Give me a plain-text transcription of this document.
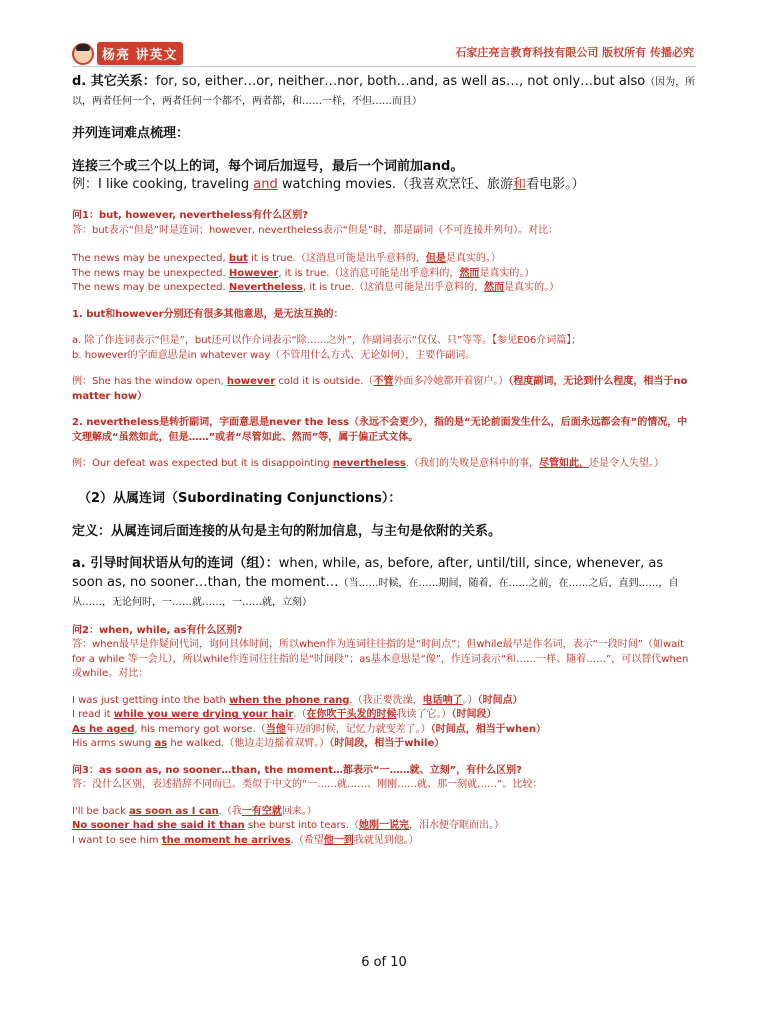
杨亮 讲英文	石家庄亮言教育科技有限公司 版权所有 传播必究

d. 其它关系：for, so, either…or, neither…nor, both…and, as well as…, not only…but also（因为，所以，两者任何一个，两者任何一个都不，两者都，和……一样，不但……而且）

并列连词难点梳理：

连接三个或三个以上的词，每个词后加逗号，最后一个词前加and。

例：I like cooking, traveling and watching movies.（我喜欢烹饪、旅游和看电影。）

问1：but, however, nevertheless有什么区别?

答：but表示“但是”时是连词；however, nevertheless表示“但是”时，都是副词（不可连接并列句）。对比：

The news may be unexpected, but it is true.（这消息可能是出乎意料的，但是是真实的。）

The news may be unexpected. However, it is true.（这消息可能是出乎意料的，然而是真实的。）

The news may be unexpected. Nevertheless, it is true.（这消息可能是出乎意料的，然而是真实的。）

1. but和however分别还有很多其他意思，是无法互换的：

a. 除了作连词表示“但是”，but还可以作介词表示“除……之外”，作副词表示“仅仅、只”等等。【参见E06介词篇】；

b. however的字面意思是in whatever way（不管用什么方式、无论如何），主要作副词。

例：She has the window open, however cold it is outside.（不管外面多冷她都开着窗户。）（程度副词，无论到什么程度，相当于no matter how）

2. nevertheless是转折副词，字面意思是never the less（永远不会更少），指的是“无论前面发生什么，后面永远都会有”的情况，中文理解成“虽然如此，但是……”或者“尽管如此、然而”等，属于偏正式文体。

例：Our defeat was expected but it is disappointing nevertheless.（我们的失败是意料中的事，尽管如此，还是令人失望。）

（2）从属连词（Subordinating Conjunctions）：

定义：从属连词后面连接的从句是主句的附加信息，与主句是依附的关系。

a. 引导时间状语从句的连词（组）：when, while, as, before, after, until/till, since, whenever, as soon as, no sooner…than, the moment…（当……时候，在……期间，随着，在……之前，在……之后，直到……，自从……，无论何时，一……就……，一……就，立刻）

问2：when, while, as有什么区别?

答：when最早是作疑问代词，询问具体时间，所以when作为连词往往指的是“时间点”；但while最早是作名词，表示“一段时间”（如wait for a while 等一会儿），所以while作连词往往指的是“时间段”；as基本意思是“像”，作连词表示“和……一样、随着……”，可以替代when或while。对比：

I was just getting into the bath when the phone rang.（我正要洗澡，电话响了。）（时间点）

I read it while you were drying your hair.（在你吹干头发的时候我读了它。）（时间段）

As he aged, his memory got worse.（当他年迈的时候，记忆力就变差了。）（时间点，相当于when）

His arms swung as he walked.（他边走边摇着双臂。）（时间段，相当于while）

问3：as soon as, no sooner…than, the moment…都表示“一……就、立刻”，有什么区别?

答：没什么区别，表述措辞不同而已。类似于中文的“一……就……、刚刚……就、那一刻就……”。比较：

I'll be back as soon as I can.（我一有空就回来。）

No sooner had she said it than she burst into tears.（她刚一说完，泪水便夺眶而出。）

I want to see him the moment he arrives.（希望他一到我就见到他。）

6 of 10
